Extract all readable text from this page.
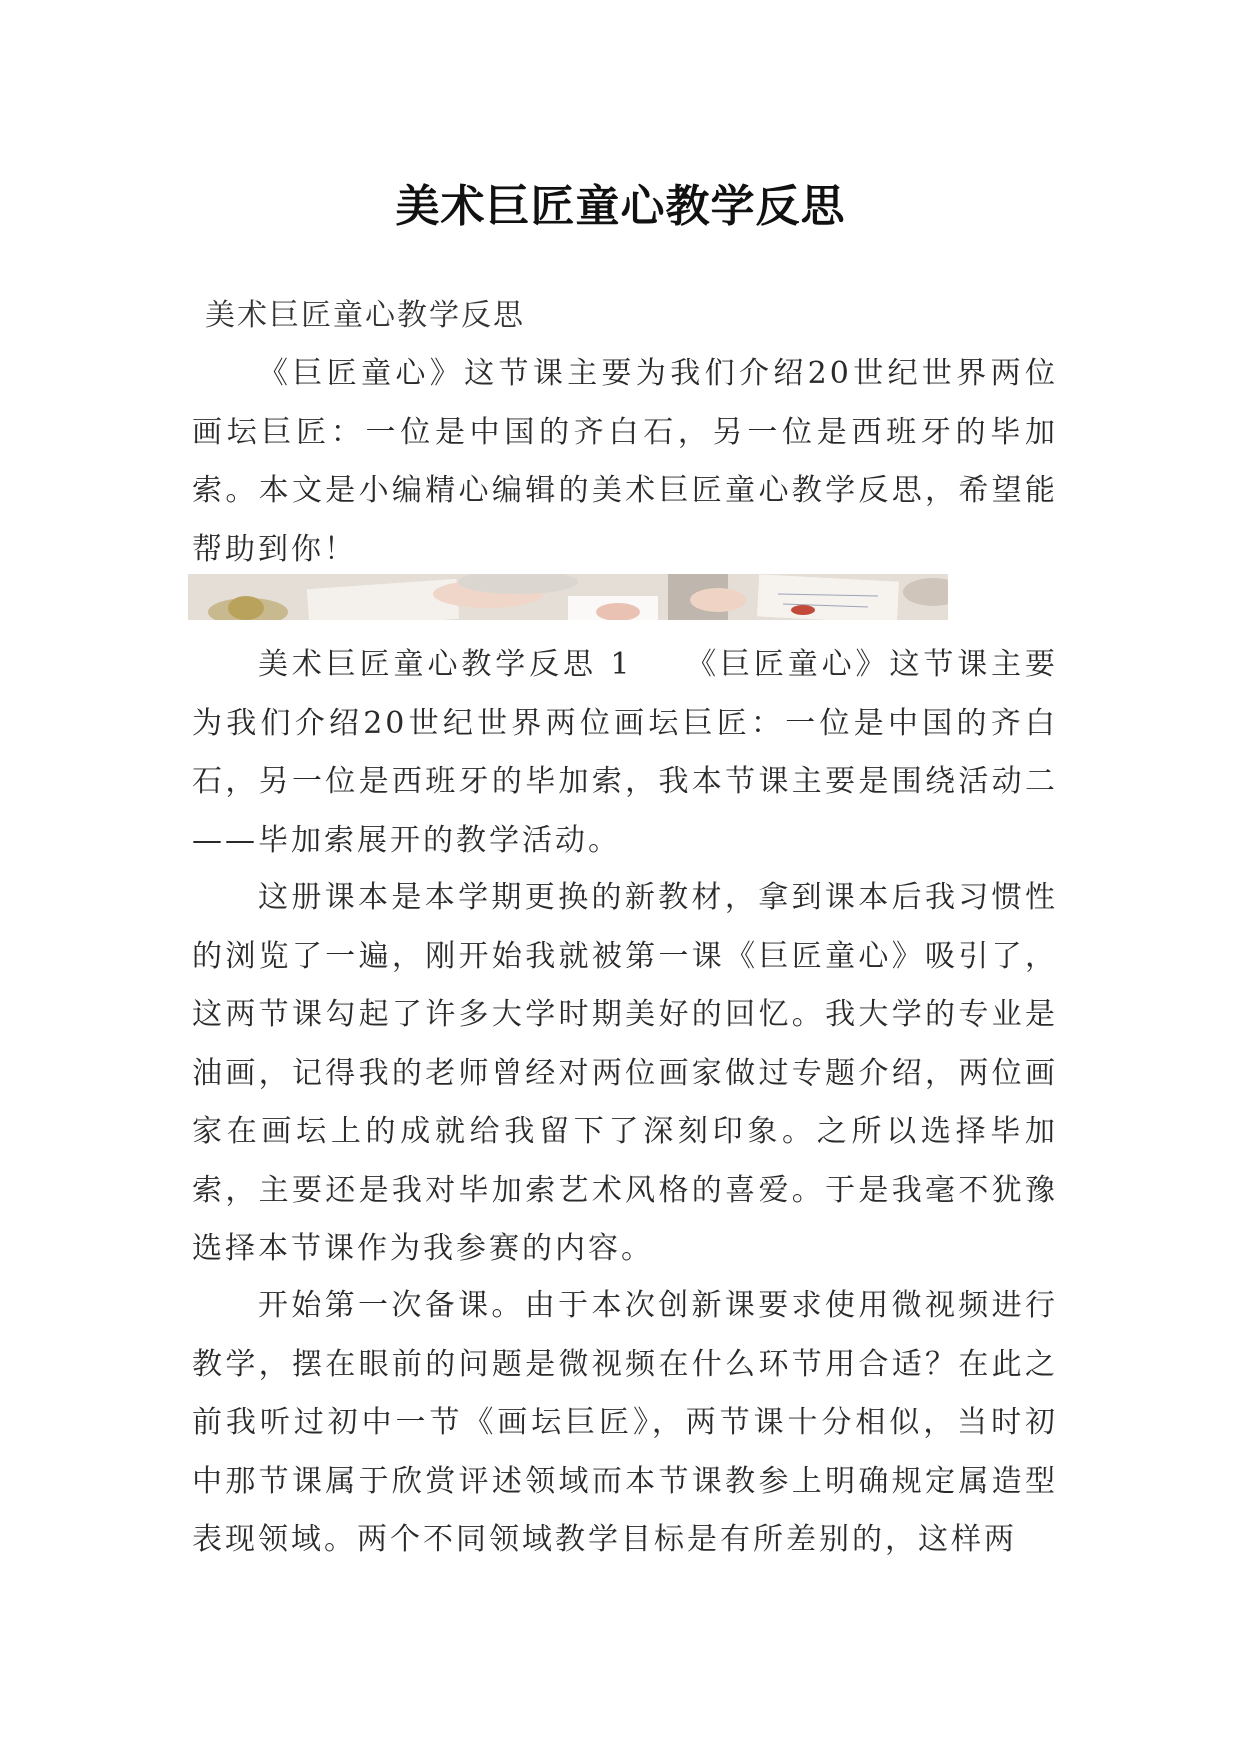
美术巨匠童心教学反思
美术巨匠童心教学反思

《巨匠童心》这节课主要为我们介绍20世纪世界两位画坛巨匠：一位是中国的齐白石，另一位是西班牙的毕加索。本文是小编精心编辑的美术巨匠童心教学反思，希望能帮助到你！

美术巨匠童心教学反思 1　　《巨匠童心》这节课主要为我们介绍20世纪世界两位画坛巨匠：一位是中国的齐白石，另一位是西班牙的毕加索，我本节课主要是围绕活动二——毕加索展开的教学活动。

这册课本是本学期更换的新教材，拿到课本后我习惯性的浏览了一遍，刚开始我就被第一课《巨匠童心》吸引了，这两节课勾起了许多大学时期美好的回忆。我大学的专业是油画，记得我的老师曾经对两位画家做过专题介绍，两位画家在画坛上的成就给我留下了深刻印象。之所以选择毕加索，主要还是我对毕加索艺术风格的喜爱。于是我毫不犹豫选择本节课作为我参赛的内容。

开始第一次备课。由于本次创新课要求使用微视频进行教学，摆在眼前的问题是微视频在什么环节用合适？在此之前我听过初中一节《画坛巨匠》，两节课十分相似，当时初中那节课属于欣赏评述领域而本节课教参上明确规定属造型表现领域。两个不同领域教学目标是有所差别的，这样两
